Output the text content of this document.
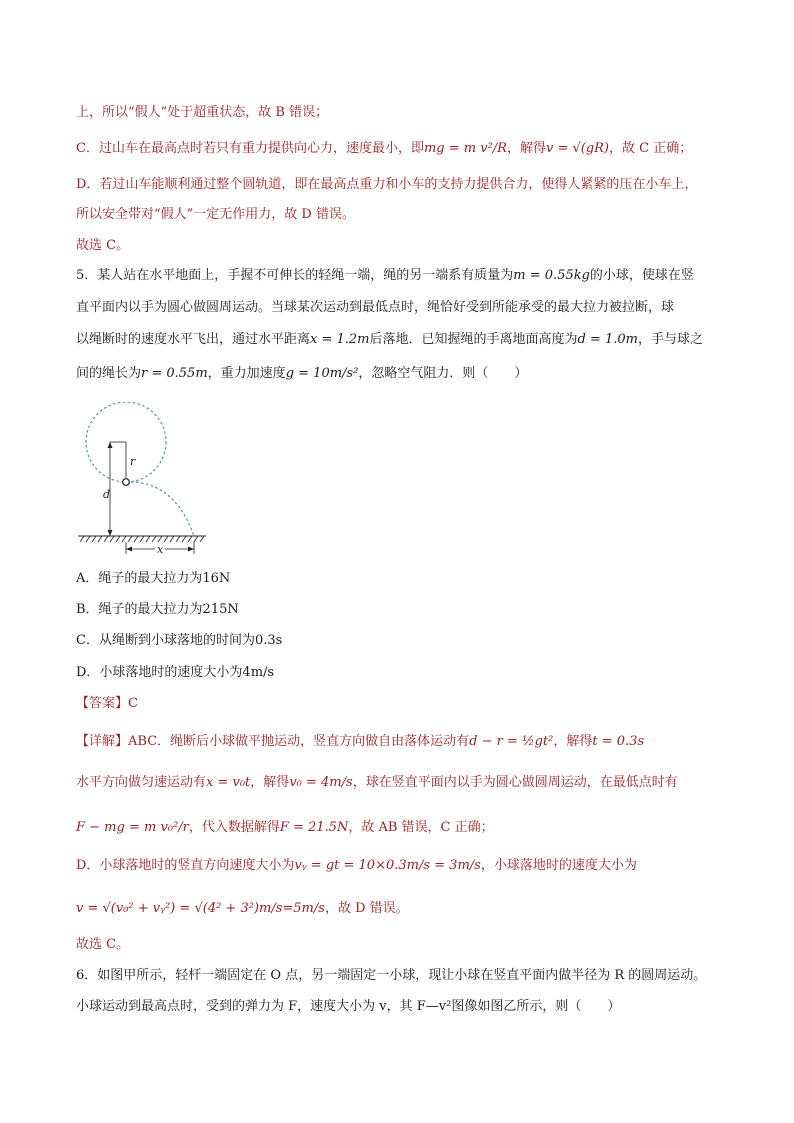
上，所以“假人”处于超重状态，故 B 错误；
C．过山车在最高点时若只有重力提供向心力，速度最小，即mg = m v²/R，解得v = √(gR)，故 C 正确；
D．若过山车能顺利通过整个圆轨道，即在最高点重力和小车的支持力提供合力，使得人紧紧的压在小车上，
所以安全带对“假人”一定无作用力，故 D 错误。
故选 C。
5．某人站在水平地面上，手握不可伸长的轻绳一端，绳的另一端系有质量为m = 0.55kg的小球，使球在竖
直平面内以手为圆心做圆周运动。当球某次运动到最低点时，绳恰好受到所能承受的最大拉力被拉断，球
以绳断时的速度水平飞出，通过水平距离x = 1.2m后落地．已知握绳的手离地面高度为d = 1.0m，手与球之
间的绳长为r = 0.55m，重力加速度g = 10m/s²，忽略空气阻力．则（　　）
r
d
x
A．绳子的最大拉力为16N
B．绳子的最大拉力为215N
C．从绳断到小球落地的时间为0.3s
D．小球落地时的速度大小为4m/s
【答案】C
【详解】ABC．绳断后小球做平抛运动，竖直方向做自由落体运动有d − r = ½gt²，解得t = 0.3s
水平方向做匀速运动有x = v₀t，解得v₀ = 4m/s，球在竖直平面内以手为圆心做圆周运动，在最低点时有
F − mg = m v₀²/r，代入数据解得F = 21.5N，故 AB 错误，C 正确；
D．小球落地时的竖直方向速度大小为vᵧ = gt = 10×0.3m/s = 3m/s，小球落地时的速度大小为
v = √(v₀² + vᵧ²) = √(4² + 3²)m/s=5m/s，故 D 错误。
故选 C。
6．如图甲所示，轻杆一端固定在 O 点，另一端固定一小球，现让小球在竖直平面内做半径为 R 的圆周运动。
小球运动到最高点时，受到的弹力为 F，速度大小为 v，其 F—v²图像如图乙所示，则（　　）
